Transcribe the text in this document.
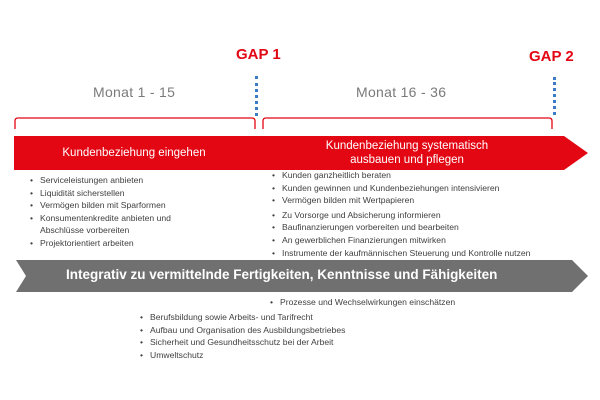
GAP 1	GAP 2
Monat 1 - 15	Monat 16 - 36
Kundenbeziehung eingehen
Kundenbeziehung systematisch
ausbauen und pflegen
• Serviceleistungen anbieten
• Liquidität sicherstellen
• Vermögen bilden mit Sparformen
• Konsumentenkredite anbieten und
Abschlüsse vorbereiten
• Projektorientiert arbeiten
• Kunden ganzheitlich beraten
• Kunden gewinnen und Kundenbeziehungen intensivieren
• Vermögen bilden mit Wertpapieren
• Zu Vorsorge und Absicherung informieren
• Baufinanzierungen vorbereiten und bearbeiten
• An gewerblichen Finanzierungen mitwirken
• Instrumente der kaufmännischen Steuerung und Kontrolle nutzen
Integrativ zu vermittelnde Fertigkeiten, Kenntnisse und Fähigkeiten
• Prozesse und Wechselwirkungen einschätzen
• Berufsbildung sowie Arbeits- und Tarifrecht
• Aufbau und Organisation des Ausbildungsbetriebes
• Sicherheit und Gesundheitsschutz bei der Arbeit
• Umweltschutz
